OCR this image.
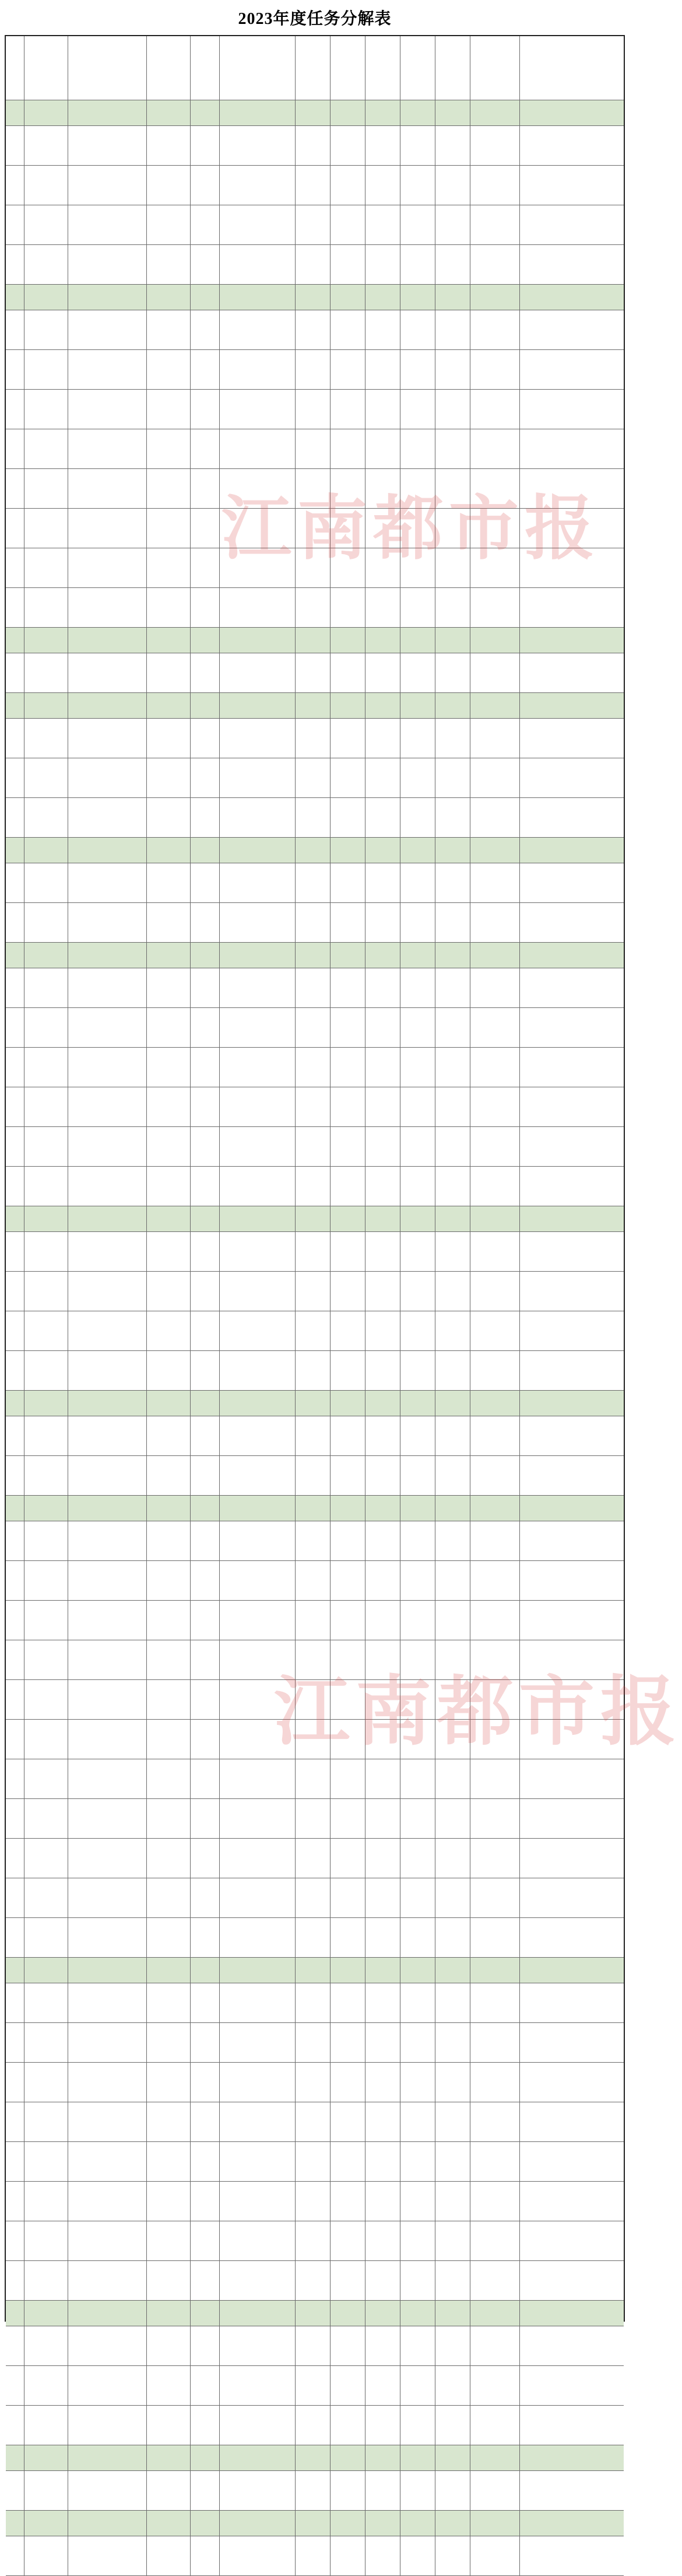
2023年度任务分解表
江南都市报
江南都市报
